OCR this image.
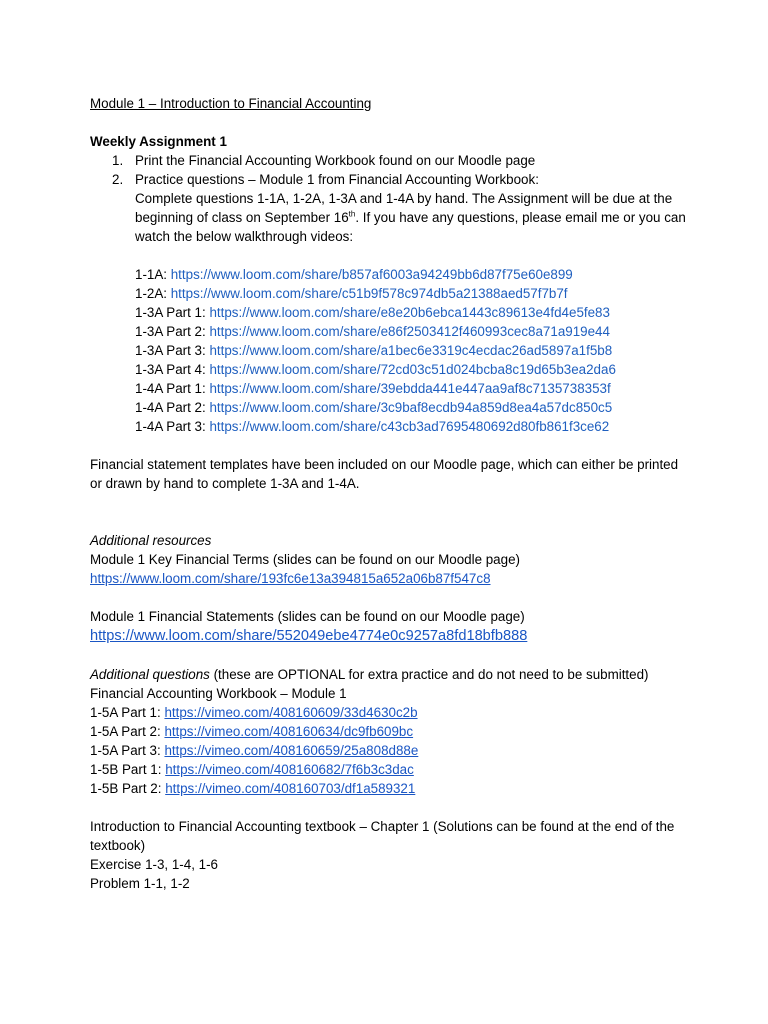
Module 1 – Introduction to Financial Accounting
Weekly Assignment 1
1. Print the Financial Accounting Workbook found on our Moodle page
2. Practice questions – Module 1 from Financial Accounting Workbook:
Complete questions 1-1A, 1-2A, 1-3A and 1-4A by hand. The Assignment will be due at the beginning of class on September 16th. If you have any questions, please email me or you can watch the below walkthrough videos:
1-1A: https://www.loom.com/share/b857af6003a94249bb6d87f75e60e899
1-2A: https://www.loom.com/share/c51b9f578c974db5a21388aed57f7b7f
1-3A Part 1: https://www.loom.com/share/e8e20b6ebca1443c89613e4fd4e5fe83
1-3A Part 2: https://www.loom.com/share/e86f2503412f460993cec8a71a919e44
1-3A Part 3: https://www.loom.com/share/a1bec6e3319c4ecdac26ad5897a1f5b8
1-3A Part 4: https://www.loom.com/share/72cd03c51d024bcba8c19d65b3ea2da6
1-4A Part 1: https://www.loom.com/share/39ebdda441e447aa9af8c7135738353f
1-4A Part 2: https://www.loom.com/share/3c9baf8ecdb94a859d8ea4a57dc850c5
1-4A Part 3: https://www.loom.com/share/c43cb3ad7695480692d80fb861f3ce62
Financial statement templates have been included on our Moodle page, which can either be printed or drawn by hand to complete 1-3A and 1-4A.
Additional resources
Module 1 Key Financial Terms (slides can be found on our Moodle page)
https://www.loom.com/share/193fc6e13a394815a652a06b87f547c8
Module 1 Financial Statements (slides can be found on our Moodle page)
https://www.loom.com/share/552049ebe4774e0c9257a8fd18bfb888
Additional questions (these are OPTIONAL for extra practice and do not need to be submitted)
Financial Accounting Workbook – Module 1
1-5A Part 1: https://vimeo.com/408160609/33d4630c2b
1-5A Part 2: https://vimeo.com/408160634/dc9fb609bc
1-5A Part 3: https://vimeo.com/408160659/25a808d88e
1-5B Part 1: https://vimeo.com/408160682/7f6b3c3dac
1-5B Part 2: https://vimeo.com/408160703/df1a589321
Introduction to Financial Accounting textbook – Chapter 1 (Solutions can be found at the end of the textbook)
Exercise 1-3, 1-4, 1-6
Problem 1-1, 1-2
